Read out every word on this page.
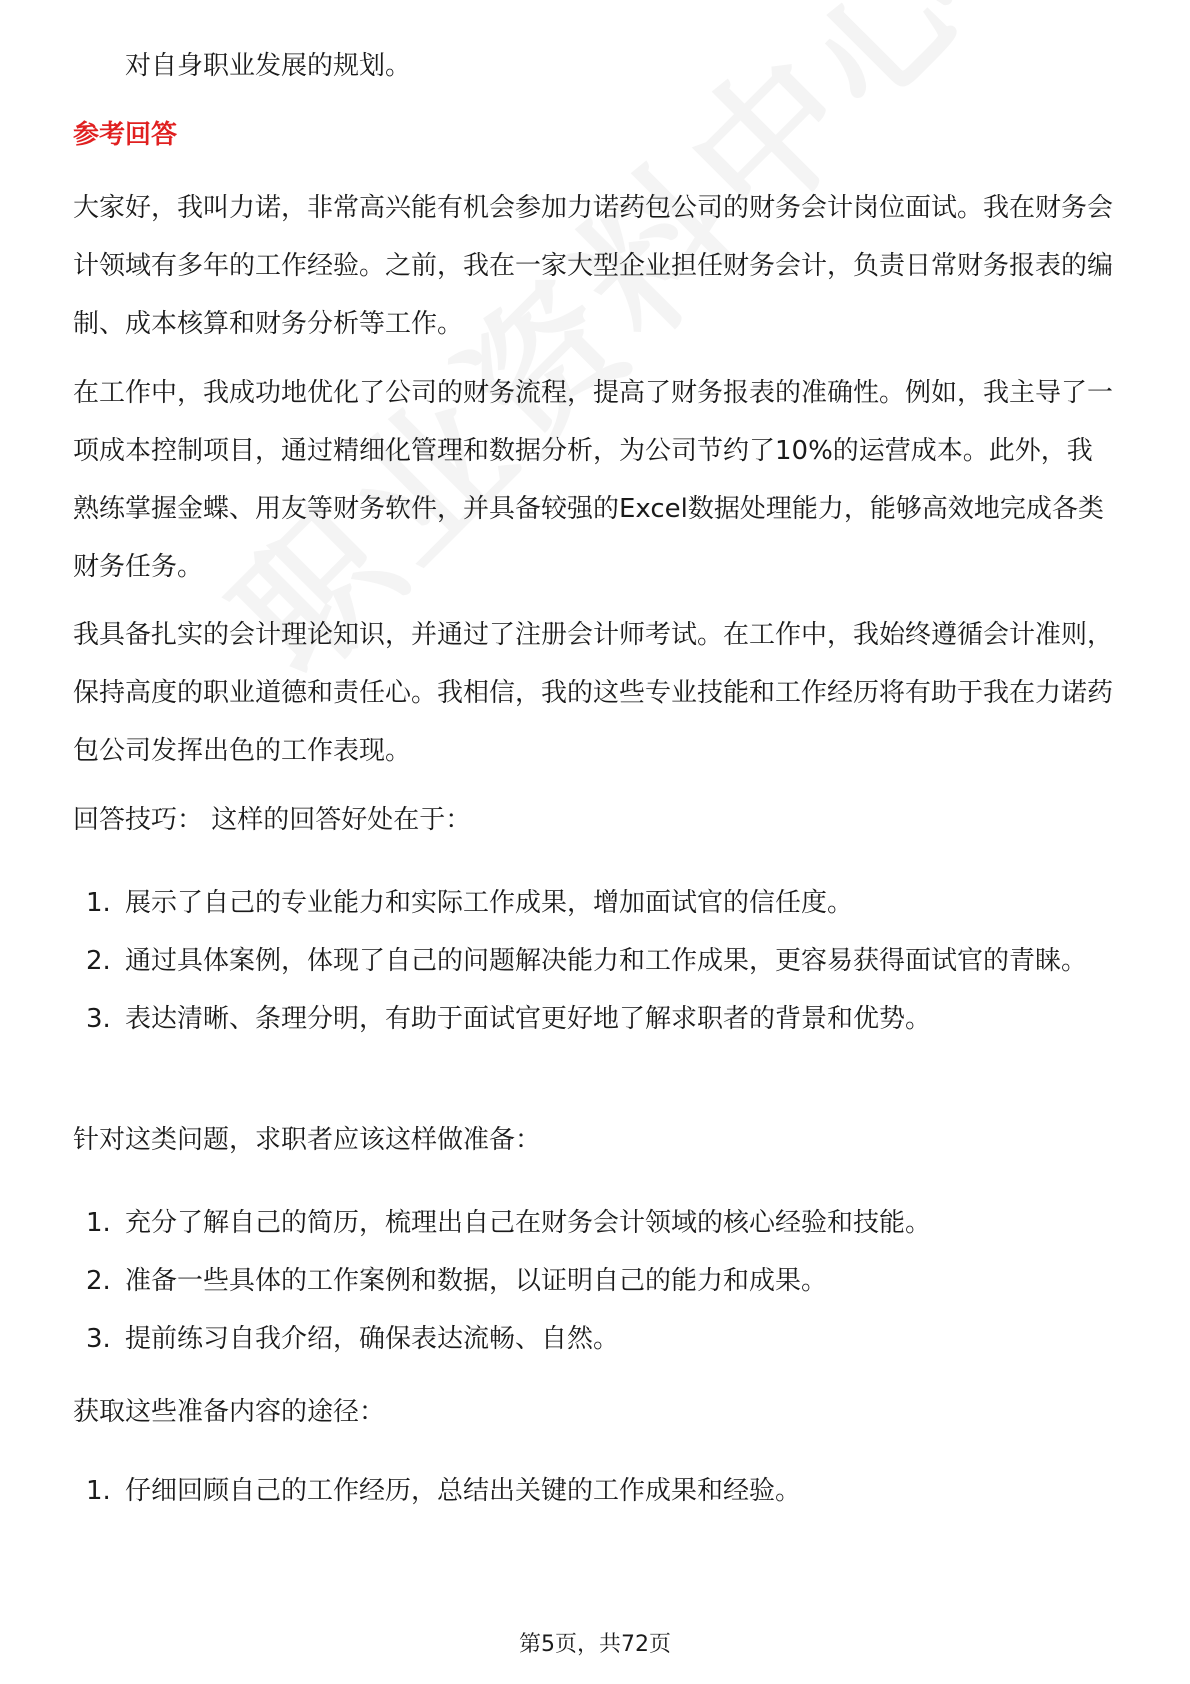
对自身职业发展的规划。
参考回答

大家好，我叫力诺，非常高兴能有机会参加力诺药包公司的财务会计岗位面试。我在财务会计领域有多年的工作经验。之前，我在一家大型企业担任财务会计，负责日常财务报表的编制、成本核算和财务分析等工作。

在工作中，我成功地优化了公司的财务流程，提高了财务报表的准确性。例如，我主导了一项成本控制项目，通过精细化管理和数据分析，为公司节约了10%的运营成本。此外，我熟练掌握金蝶、用友等财务软件，并具备较强的Excel数据处理能力，能够高效地完成各类财务任务。

我具备扎实的会计理论知识，并通过了注册会计师考试。在工作中，我始终遵循会计准则，保持高度的职业道德和责任心。我相信，我的这些专业技能和工作经历将有助于我在力诺药包公司发挥出色的工作表现。

回答技巧： 这样的回答好处在于：
1. 展示了自己的专业能力和实际工作成果，增加面试官的信任度。
2. 通过具体案例，体现了自己的问题解决能力和工作成果，更容易获得面试官的青睐。
3. 表达清晰、条理分明，有助于面试官更好地了解求职者的背景和优势。
针对这类问题，求职者应该这样做准备：
1. 充分了解自己的简历，梳理出自己在财务会计领域的核心经验和技能。
2. 准备一些具体的工作案例和数据，以证明自己的能力和成果。
3. 提前练习自我介绍，确保表达流畅、自然。
获取这些准备内容的途径：
1. 仔细回顾自己的工作经历，总结出关键的工作成果和经验。
第5页，共72页
